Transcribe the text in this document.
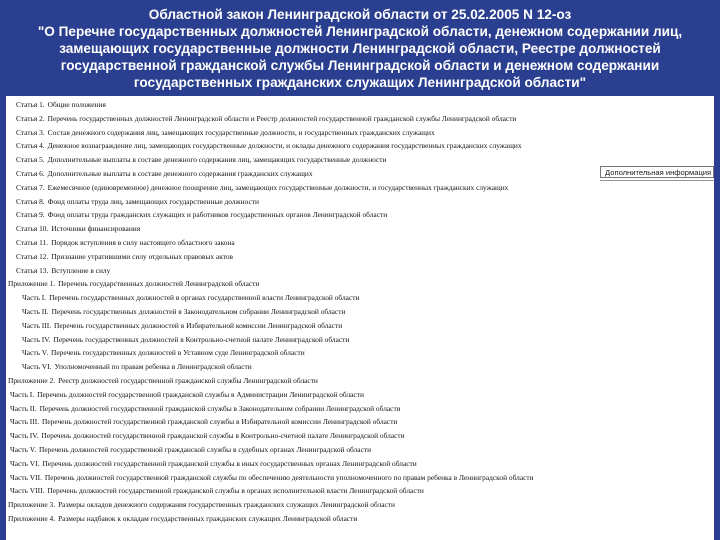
Областной закон Ленинградской области от 25.02.2005 N 12-оз
"О Перечне государственных должностей Ленинградской области, денежном содержании лиц,
замещающих государственные должности Ленинградской области, Реестре должностей
государственной гражданской службы Ленинградской области и денежном содержании
государственных гражданских служащих Ленинградской области"
Дополнительная информация
Статья 1. Общие положения
Статья 2. Перечень государственных должностей Ленинградской области и Реестр должностей государственной гражданской службы Ленинградской области
Статья 3. Состав денежного содержания лиц, замещающих государственные должности, и государственных гражданских служащих
Статья 4. Денежное вознаграждение лиц, замещающих государственные должности, и оклады денежного содержания государственных гражданских служащих
Статья 5. Дополнительные выплаты в составе денежного содержания лиц, замещающих государственные должности
Статья 6. Дополнительные выплаты в составе денежного содержания гражданских служащих
Статья 7. Ежемесячное (единовременное) денежное поощрение лиц, замещающих государственные должности, и государственных гражданских служащих
Статья 8. Фонд оплаты труда лиц, замещающих государственные должности
Статья 9. Фонд оплаты труда гражданских служащих и работников государственных органов Ленинградской области
Статья 10. Источники финансирования
Статья 11. Порядок вступления в силу настоящего областного закона
Статья 12. Признание утратившими силу отдельных правовых актов
Статья 13. Вступление в силу
Приложение 1. Перечень государственных должностей Ленинградской области
Часть I. Перечень государственных должностей в органах государственной власти Ленинградской области
Часть II. Перечень государственных должностей в Законодательном собрании Ленинградской области
Часть III. Перечень государственных должностей в Избирательной комиссии Ленинградской области
Часть IV. Перечень государственных должностей в Контрольно-счетной палате Ленинградской области
Часть V. Перечень государственных должностей в Уставном суде Ленинградской области
Часть VI. Уполномоченный по правам ребенка в Ленинградской области
Приложение 2. Реестр должностей государственной гражданской службы Ленинградской области
Часть I. Перечень должностей государственной гражданской службы в Администрации Ленинградской области
Часть II. Перечень должностей государственной гражданской службы в Законодательном собрании Ленинградской области
Часть III. Перечень должностей государственной гражданской службы в Избирательной комиссии Ленинградской области
Часть IV. Перечень должностей государственной гражданской службы в Контрольно-счетной палате Ленинградской области
Часть V. Перечень должностей государственной гражданской службы в судебных органах Ленинградской области
Часть VI. Перечень должностей государственной гражданской службы в иных государственных органах Ленинградской области
Часть VII. Перечень должностей государственной гражданской службы по обеспечению деятельности уполномоченного по правам ребенка в Ленинградской области
Часть VIII. Перечень должностей государственной гражданской службы в органах исполнительной власти Ленинградской области
Приложение 3. Размеры окладов денежного содержания государственных гражданских служащих Ленинградской области
Приложение 4. Размеры надбавок к окладам государственных гражданских служащих Ленинградской области
